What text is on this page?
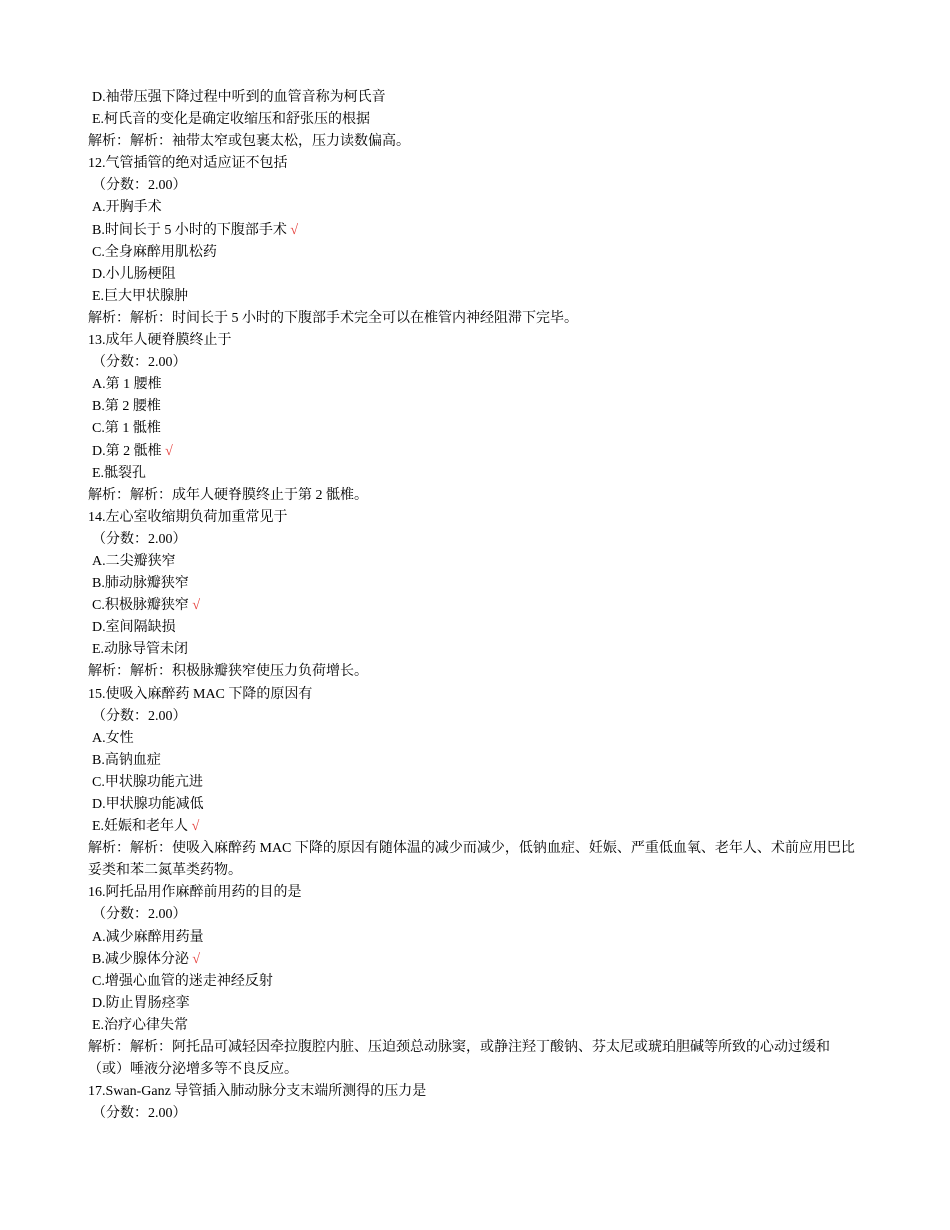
D.袖带压强下降过程中听到的血管音称为柯氏音
E.柯氏音的变化是确定收缩压和舒张压的根据
解析：解析：袖带太窄或包裹太松，压力读数偏高。
12.气管插管的绝对适应证不包括
（分数：2.00）
A.开胸手术
B.时间长于 5 小时的下腹部手术 √
C.全身麻醉用肌松药
D.小儿肠梗阻
E.巨大甲状腺肿
解析：解析：时间长于 5 小时的下腹部手术完全可以在椎管内神经阻滞下完毕。
13.成年人硬脊膜终止于
（分数：2.00）
A.第 1 腰椎
B.第 2 腰椎
C.第 1 骶椎
D.第 2 骶椎 √
E.骶裂孔
解析：解析：成年人硬脊膜终止于第 2 骶椎。
14.左心室收缩期负荷加重常见于
（分数：2.00）
A.二尖瓣狭窄
B.肺动脉瓣狭窄
C.积极脉瓣狭窄 √
D.室间隔缺损
E.动脉导管未闭
解析：解析：积极脉瓣狭窄使压力负荷增长。
15.使吸入麻醉药 MAC 下降的原因有
（分数：2.00）
A.女性
B.高钠血症
C.甲状腺功能亢进
D.甲状腺功能减低
E.妊娠和老年人 √
解析：解析：使吸入麻醉药 MAC 下降的原因有随体温的减少而减少，低钠血症、妊娠、严重低血氧、老年人、术前应用巴比
妥类和苯二氮革类药物。
16.阿托品用作麻醉前用药的目的是
（分数：2.00）
A.减少麻醉用药量
B.减少腺体分泌 √
C.增强心血管的迷走神经反射
D.防止胃肠痉挛
E.治疗心律失常
解析：解析：阿托品可减轻因牵拉腹腔内脏、压迫颈总动脉窦，或静注羟丁酸钠、芬太尼或琥珀胆碱等所致的心动过缓和
（或）唾液分泌增多等不良反应。
17.Swan-Ganz 导管插入肺动脉分支末端所测得的压力是
（分数：2.00）
